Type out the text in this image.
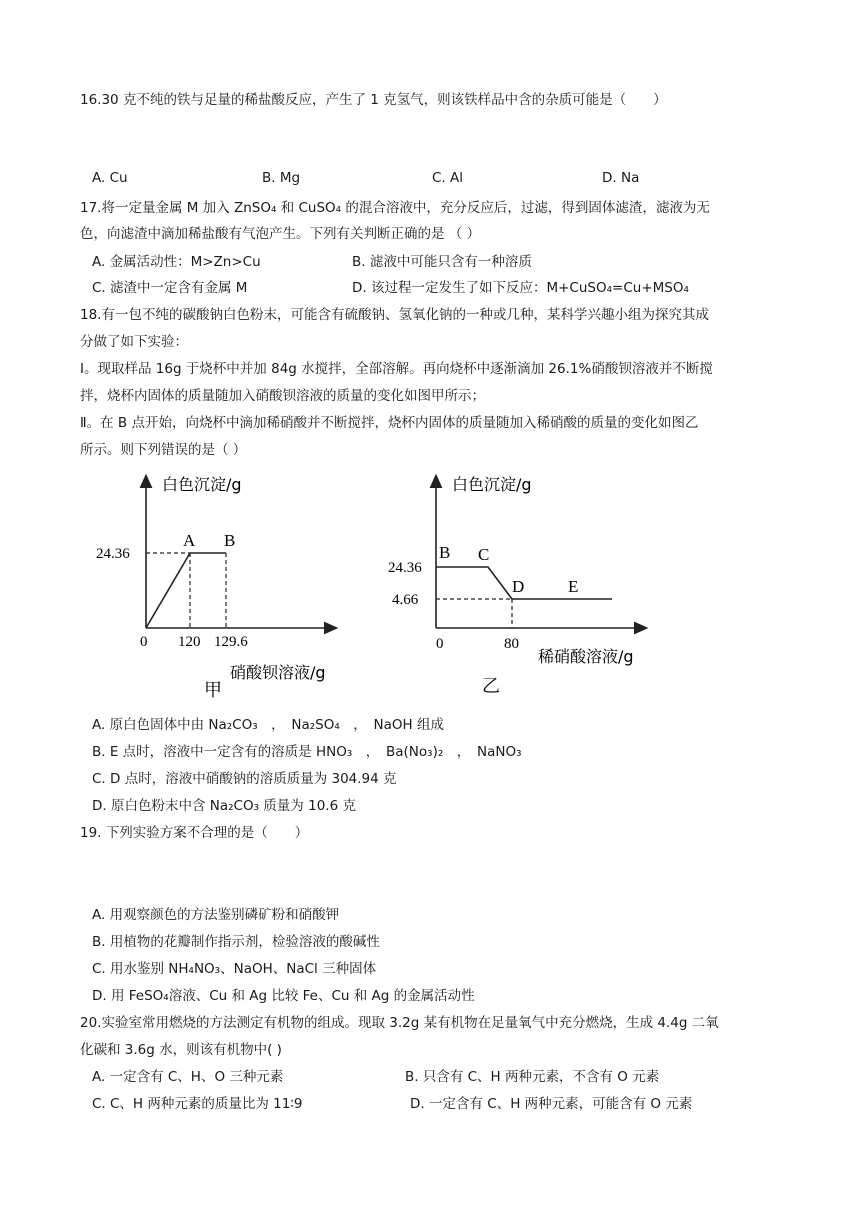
16.30 克不纯的铁与足量的稀盐酸反应，产生了 1 克氢气，则该铁样品中含的杂质可能是（　　）
A. Cu	B. Mg	C. Al	D. Na
17.将一定量金属 M 加入 ZnSO₄ 和 CuSO₄ 的混合溶液中，充分反应后，过滤，得到固体滤渣，滤液为无
色，向滤渣中滴加稀盐酸有气泡产生。下列有关判断正确的是 （ ）
A. 金属活动性：M>Zn>Cu	B. 滤液中可能只含有一种溶质
C. 滤渣中一定含有金属 M	D. 该过程一定发生了如下反应：M+CuSO₄=Cu+MSO₄
18.有一包不纯的碳酸钠白色粉末，可能含有硫酸钠、氢氧化钠的一种或几种，某科学兴趣小组为探究其成
分做了如下实验：
Ⅰ。现取样品 16g 于烧杯中并加 84g 水搅拌，全部溶解。再向烧杯中逐渐滴加 26.1%硝酸钡溶液并不断搅
拌，烧杯内固体的质量随加入硝酸钡溶液的质量的变化如图甲所示；
Ⅱ。在 B 点开始，向烧杯中滴加稀硝酸并不断搅拌，烧杯内固体的质量随加入稀硝酸的质量的变化如图乙
所示。则下列错误的是（ ）
白色沉淀/g
硝酸钡溶液/g
甲
A B
24.36
0 120 129.6
白色沉淀/g
稀硝酸溶液/g
乙
B C
D	E
24.36
4.66
0	80
A. 原白色固体中由 Na₂CO₃　，　Na₂SO₄　，　NaOH 组成
B. E 点时，溶液中一定含有的溶质是 HNO₃　，　Ba(No₃)₂　，　NaNO₃
C. D 点时，溶液中硝酸钠的溶质质量为 304.94 克
D. 原白色粉末中含 Na₂CO₃ 质量为 10.6 克
19. 下列实验方案不合理的是（　　）
A. 用观察颜色的方法鉴别磷矿粉和硝酸钾
B. 用植物的花瓣制作指示剂，检验溶液的酸碱性
C. 用水鉴别 NH₄NO₃、NaOH、NaCl 三种固体
D. 用 FeSO₄溶液、Cu 和 Ag 比较 Fe、Cu 和 Ag 的金属活动性
20.实验室常用燃烧的方法测定有机物的组成。现取 3.2g 某有机物在足量氧气中充分燃烧，生成 4.4g 二氧
化碳和 3.6g 水，则该有机物中( )
A. 一定含有 C、H、O 三种元素	B. 只含有 C、H 两种元素，不含有 O 元素
C. C、H 两种元素的质量比为 11∶9	D. 一定含有 C、H 两种元素，可能含有 O 元素
